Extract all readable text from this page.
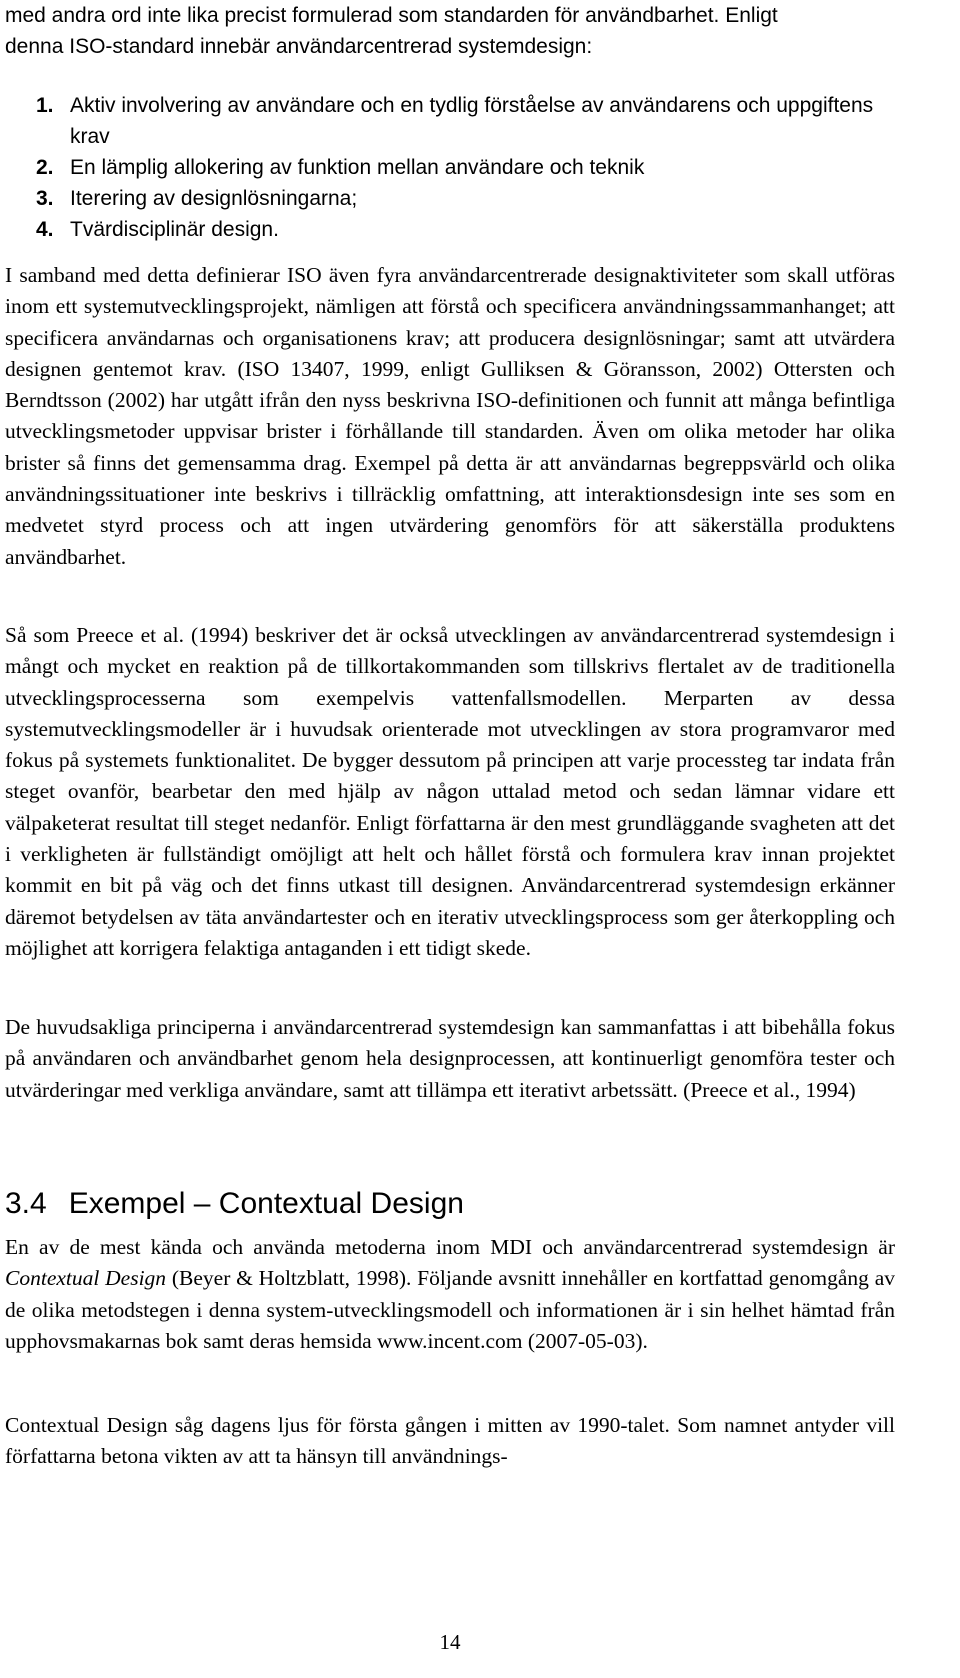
med andra ord inte lika precist formulerad som standarden för användbarhet. Enligt
denna ISO-standard innebär användarcentrerad systemdesign:
1. Aktiv involvering av användare och en tydlig förståelse av användarens och uppgiftens krav
2. En lämplig allokering av funktion mellan användare och teknik
3. Iterering av designlösningarna;
4. Tvärdisciplinär design.

I samband med detta definierar ISO även fyra användarcentrerade designaktiviteter som skall utföras inom ett systemutvecklingsprojekt, nämligen att förstå och specificera användningssammanhanget; att specificera användarnas och organisationens krav; att producera designlösningar; samt att utvärdera designen gentemot krav. (ISO 13407, 1999, enligt Gulliksen & Göransson, 2002) Ottersten och Berndtsson (2002) har utgått ifrån den nyss beskrivna ISO-definitionen och funnit att många befintliga utvecklingsmetoder uppvisar brister i förhållande till standarden. Även om olika metoder har olika brister så finns det gemensamma drag. Exempel på detta är att användarnas begreppsvärld och olika användningssituationer inte beskrivs i tillräcklig omfattning, att interaktionsdesign inte ses som en medvetet styrd process och att ingen utvärdering genomförs för att säkerställa produktens användbarhet.

Så som Preece et al. (1994) beskriver det är också utvecklingen av användarcentrerad systemdesign i mångt och mycket en reaktion på de tillkortakommanden som tillskrivs flertalet av de traditionella utvecklingsprocesserna som exempelvis vattenfallsmodellen. Merparten av dessa systemutvecklingsmodeller är i huvudsak orienterade mot utvecklingen av stora programvaror med fokus på systemets funktionalitet. De bygger dessutom på principen att varje processteg tar indata från steget ovanför, bearbetar den med hjälp av någon uttalad metod och sedan lämnar vidare ett välpaketerat resultat till steget nedanför. Enligt författarna är den mest grundläggande svagheten att det i verkligheten är fullständigt omöjligt att helt och hållet förstå och formulera krav innan projektet kommit en bit på väg och det finns utkast till designen. Användarcentrerad systemdesign erkänner däremot betydelsen av täta användartester och en iterativ utvecklingsprocess som ger återkoppling och möjlighet att korrigera felaktiga antaganden i ett tidigt skede.

De huvudsakliga principerna i användarcentrerad systemdesign kan sammanfattas i att bibehålla fokus på användaren och användbarhet genom hela designprocessen, att kontinuerligt genomföra tester och utvärderingar med verkliga användare, samt att tillämpa ett iterativt arbetssätt. (Preece et al., 1994)

3.4 Exempel – Contextual Design

En av de mest kända och använda metoderna inom MDI och användarcentrerad systemdesign är Contextual Design (Beyer & Holtzblatt, 1998). Följande avsnitt innehåller en kortfattad genomgång av de olika metodstegen i denna system-utvecklingsmodell och informationen är i sin helhet hämtad från upphovsmakarnas bok samt deras hemsida www.incent.com (2007-05-03).

Contextual Design såg dagens ljus för första gången i mitten av 1990-talet. Som namnet antyder vill författarna betona vikten av att ta hänsyn till användnings-

14
